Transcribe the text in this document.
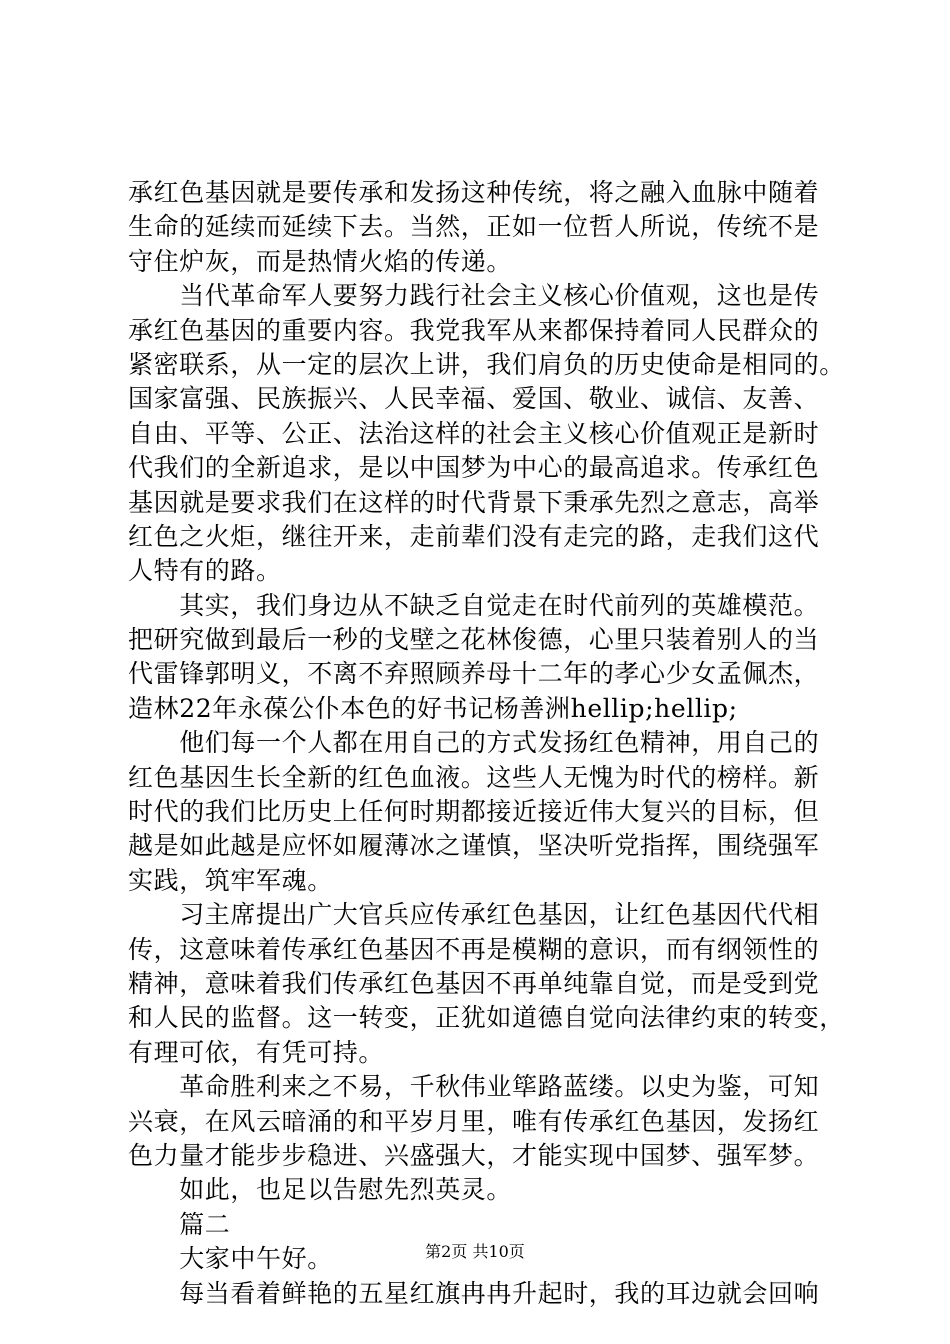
承红色基因就是要传承和发扬这种传统，将之融入血脉中随着
生命的延续而延续下去。当然，正如一位哲人所说，传统不是
守住炉灰，而是热情火焰的传递。
　　当代革命军人要努力践行社会主义核心价值观，这也是传
承红色基因的重要内容。我党我军从来都保持着同人民群众的
紧密联系，从一定的层次上讲，我们肩负的历史使命是相同的。
国家富强、民族振兴、人民幸福、爱国、敬业、诚信、友善、
自由、平等、公正、法治这样的社会主义核心价值观正是新时
代我们的全新追求，是以中国梦为中心的最高追求。传承红色
基因就是要求我们在这样的时代背景下秉承先烈之意志，高举
红色之火炬，继往开来，走前辈们没有走完的路，走我们这代
人特有的路。
　　其实，我们身边从不缺乏自觉走在时代前列的英雄模范。
把研究做到最后一秒的戈壁之花林俊德，心里只装着别人的当
代雷锋郭明义，不离不弃照顾养母十二年的孝心少女孟佩杰，
造林22年永葆公仆本色的好书记杨善洲hellip;hellip;
　　他们每一个人都在用自己的方式发扬红色精神，用自己的
红色基因生长全新的红色血液。这些人无愧为时代的榜样。新
时代的我们比历史上任何时期都接近接近伟大复兴的目标，但
越是如此越是应怀如履薄冰之谨慎，坚决听党指挥，围绕强军
实践，筑牢军魂。
　　习主席提出广大官兵应传承红色基因，让红色基因代代相
传，这意味着传承红色基因不再是模糊的意识，而有纲领性的
精神，意味着我们传承红色基因不再单纯靠自觉，而是受到党
和人民的监督。这一转变，正犹如道德自觉向法律约束的转变，
有理可依，有凭可持。
　　革命胜利来之不易，千秋伟业筚路蓝缕。以史为鉴，可知
兴衰，在风云暗涌的和平岁月里，唯有传承红色基因，发扬红
色力量才能步步稳进、兴盛强大，才能实现中国梦、强军梦。
　　如此，也足以告慰先烈英灵。
　　篇二
　　大家中午好。
　　每当看着鲜艳的五星红旗冉冉升起时，我的耳边就会回响
第2页 共10页
